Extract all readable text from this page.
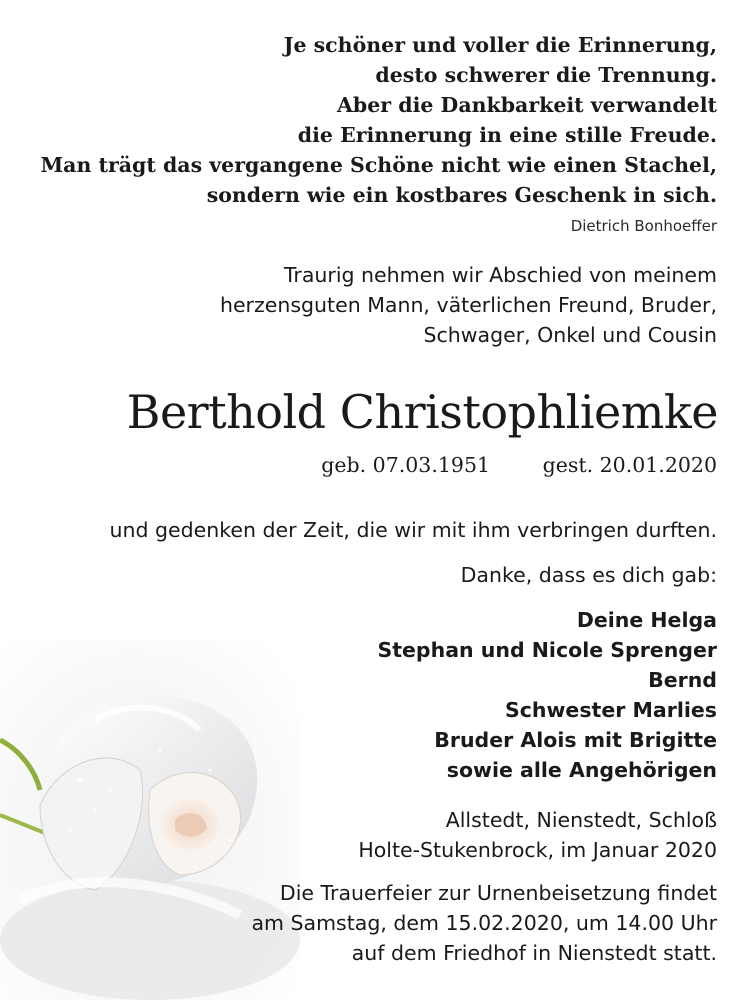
Je schöner und voller die Erinnerung,

desto schwerer die Trennung.

Aber die Dankbarkeit verwandelt

die Erinnerung in eine stille Freude.

Man trägt das vergangene Schöne nicht wie einen Stachel,

sondern wie ein kostbares Geschenk in sich.

Dietrich Bonhoeffer
Traurig nehmen wir Abschied von meinem
herzensguten Mann, väterlichen Freund, Bruder,
Schwager, Onkel und Cousin
Berthold Christophliemke
geb. 07.03.1951	gest. 20.01.2020
und gedenken der Zeit, die wir mit ihm verbringen durften.
Danke, dass es dich gab:
Deine Helga
Stephan und Nicole Sprenger
Bernd
Schwester Marlies
Bruder Alois mit Brigitte
sowie alle Angehörigen
Allstedt, Nienstedt, Schloß
Holte-Stukenbrock, im Januar 2020
Die Trauerfeier zur Urnenbeisetzung findet
am Samstag, dem 15.02.2020, um 14.00 Uhr
auf dem Friedhof in Nienstedt statt.
